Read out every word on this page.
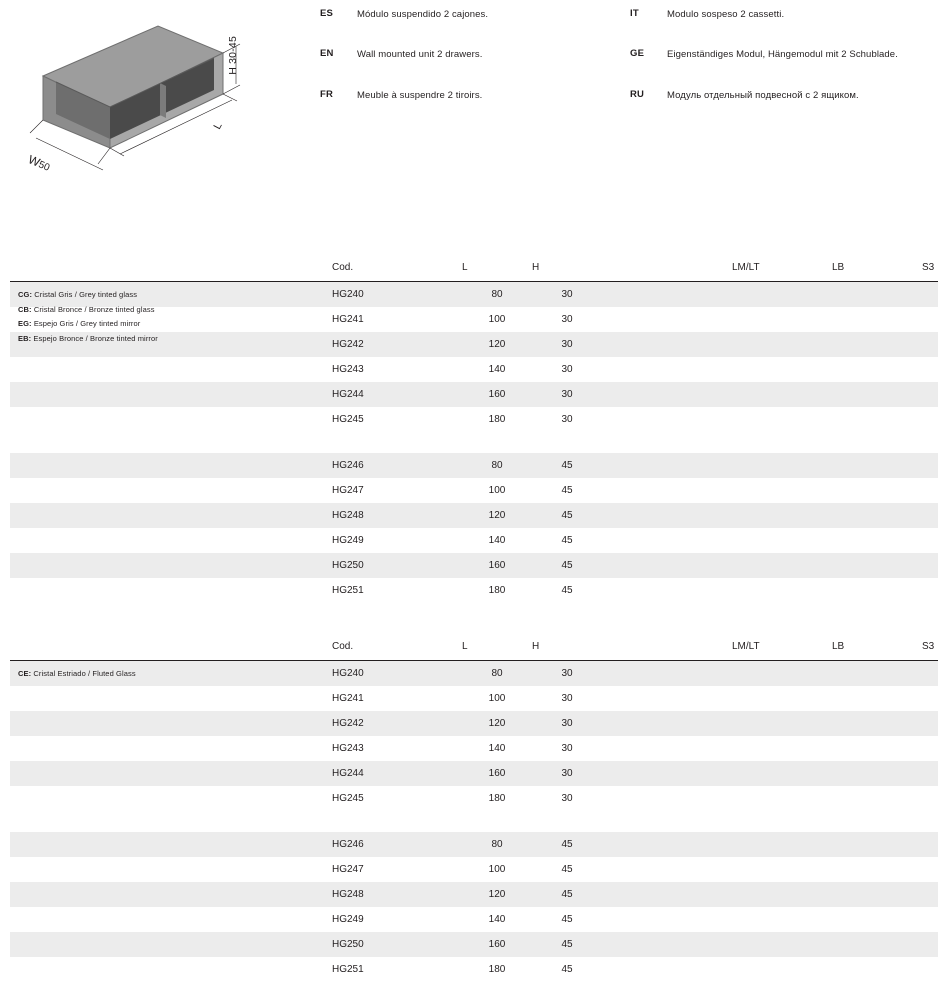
H 30-45
L
W50
ES	Módulo suspendido 2 cajones.
EN	Wall mounted unit 2 drawers.
FR	Meuble à suspendre 2 tiroirs.
IT	Modulo sospeso 2 cassetti.
GE	Eigenständiges Modul, Hängemodul mit 2 Schublade.
RU	Модуль отдельный подвесной с 2 ящиком.
CG: Cristal Gris / Grey tinted glass
CB: Cristal Bronce / Bronze tinted glass
EG: Espejo Gris / Grey tinted mirror
EB: Espejo Bronce / Bronze tinted mirror
Cod.	L	H		LM/LT	LB	S3
HG240	80	30				
HG241	100	30				
HG242	120	30				
HG243	140	30				
HG244	160	30				
HG245	180	30				

HG246	80	45				
HG247	100	45				
HG248	120	45				
HG249	140	45				
HG250	160	45				
HG251	180	45				
CE: Cristal Estriado / Fluted Glass
Cod.	L	H		LM/LT	LB	S3
HG240	80	30				
HG241	100	30				
HG242	120	30				
HG243	140	30				
HG244	160	30				
HG245	180	30				

HG246	80	45				
HG247	100	45				
HG248	120	45				
HG249	140	45				
HG250	160	45				
HG251	180	45				
